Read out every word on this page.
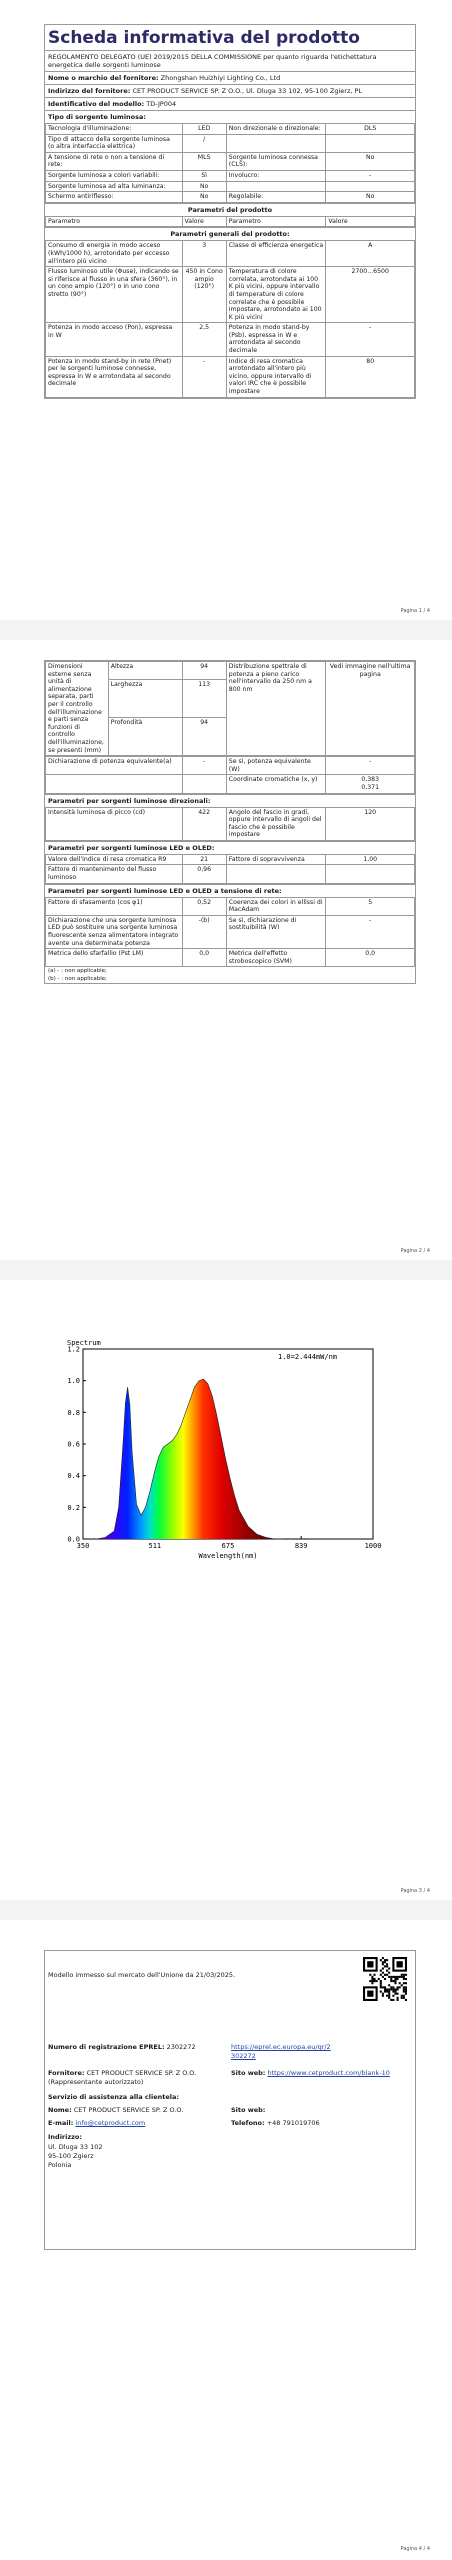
Scheda informativa del prodotto
REGOLAMENTO DELEGATO (UE) 2019/2015 DELLA COMMISSIONE per quanto riguarda l'etichettatura energetica delle sorgenti luminose
Nome o marchio del fornitore: Zhongshan Huizhiyi Lighting Co., Ltd
Indirizzo del fornitore: CET PRODUCT SERVICE SP. Z O.O., Ul. Dluga 33 102, 95-100 Zgierz, PL
Identificativo del modello: TD-JP004
Tipo di sorgente luminosa:
Tecnologia d'illuminazione:	LED	Non direzionale o direzionale:	DLS
Tipo di attacco della sorgente luminosa
(o altra interfaccia elettrica)	/		
A tensione di rete o non a tensione di rete:	MLS	Sorgente luminosa connessa (CLS):	No
Sorgente luminosa a colori variabili:	Sì	Involucro:	-
Sorgente luminosa ad alta luminanza:	No		
Schermo antiriflesso:	No	Regolabile:	No
Parametri del prodotto
Parametro	Valore	Parametro	Valore
Parametri generali del prodotto:
Consumo di energia in modo acceso (kWh/1000 h), arrotondato per eccesso all'intero più vicino	3	Classe di efficienza energetica	A
Flusso luminoso utile (Φuse), indicando se si riferisce al flusso in una sfera (360°), in un cono ampio (120°) o in uno cono stretto (90°)	450 in Cono ampio (120°)	Temperatura di colore correlata, arrotondata ai 100 K più vicini, oppure intervallo di temperature di colore correlate che è possibile impostare, arrotondato ai 100 K più vicini	2700...6500
Potenza in modo acceso (Pon), espressa in W	2,5	Potenza in modo stand-by (Psb), espressa in W e arrotondata al secondo decimale	-
Potenza in modo stand-by in rete (Pnet) per le sorgenti luminose connesse, espressa in W e arrotondata al secondo decimale	-	Indice di resa cromatica arrotondato all'intero più vicino, oppure intervallo di valori IRC che è possibile impostare	80
Pagina 1 / 4
Dimensioni esterne senza unità di alimentazione separata, parti per il controllo dell'illuminazione e parti senza funzioni di controllo dell'illuminazione, se presenti (mm)	Altezza	94	Distribuzione spettrale di potenza a pieno carico nell'intervallo da 250 nm a 800 nm	Vedi immagine nell'ultima pagina
	Larghezza	113		
	Profondità	94		
Dichiarazione di potenza equivalente(a)	-	Se sì, potenza equivalente (W)	-
		Coordinate cromatiche (x, y)	0,383
0,371
Parametri per sorgenti luminose direzionali:
Intensità luminosa di picco (cd)	422	Angolo del fascio in gradi, oppure intervallo di angoli del fascio che è possibile impostare	120
Parametri per sorgenti luminose LED e OLED:
Valore dell'indice di resa cromatica R9	21	Fattore di sopravvivenza	1,00
Fattore di mantenimento del flusso luminoso	0,96		
Parametri per sorgenti luminose LED e OLED a tensione di rete:
Fattore di sfasamento (cos φ1)	0,52	Coerenza dei colori in ellissi di MacAdam	5
Dichiarazione che una sorgente luminosa LED può sostituire una sorgente luminosa fluorescente senza alimentatore integrato avente una determinata potenza	-(b)	Se sì, dichiarazione di sostituibilità (W)	-
Metrica dello sfarfallio (Pst LM)	0,0	Metrica dell'effetto stroboscopico (SVM)	0,0
(a) - : non applicable;
(b) - : non applicable;
Pagina 2 / 4
0.0
0.2
0.4
0.6
0.8
1.0
1.2
350	511	675	839	1000
Spectrum
1.0=2.444mW/nm
Wavelength(nm)
Pagina 3 / 4
Modello immesso sul mercato dell'Unione da 21/03/2025.
Numero di registrazione EPREL: 2302272	https://eprel.ec.europa.eu/qr/2302272
Fornitore: CET PRODUCT SERVICE SP. Z O.O. (Rappresentante autorizzato)
Sito web: https://www.cetproduct.com/blank-10
Servizio di assistenza alla clientela:
Nome: CET PRODUCT SERVICE SP. Z O.O.	Sito web:
E-mail: info@cetproduct.com	Telefono: +48 791019706
Indirizzo:
Ul. Dluga 33 102
95-100 Zgierz
Polonia
Pagina 4 / 4
